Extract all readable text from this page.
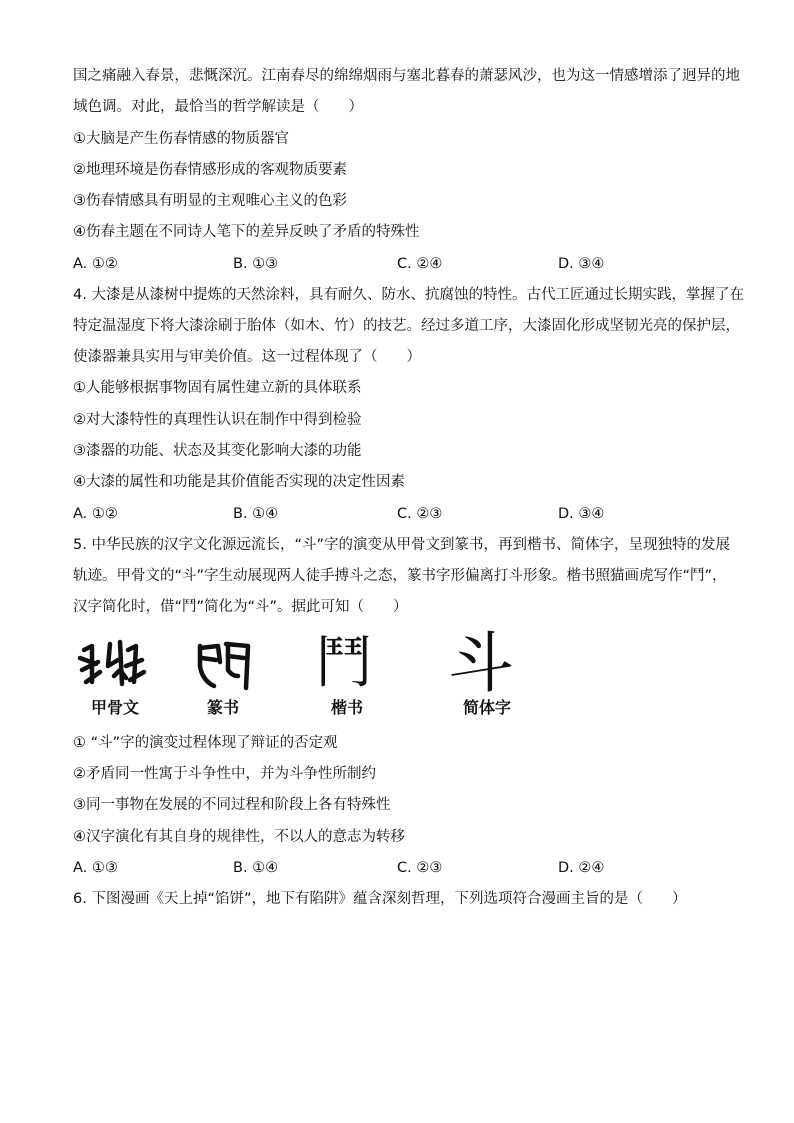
国之痛融入春景，悲慨深沉。江南春尽的绵绵烟雨与塞北暮春的萧瑟风沙，也为这一情感增添了迥异的地
域色调。对此，最恰当的哲学解读是（　　）
①大脑是产生伤春情感的物质器官
②地理环境是伤春情感形成的客观物质要素
③伤春情感具有明显的主观唯心主义的色彩
④伤春主题在不同诗人笔下的差异反映了矛盾的特殊性
A. ①②	B. ①③	C. ②④	D. ③④
4. 大漆是从漆树中提炼的天然涂料，具有耐久、防水、抗腐蚀的特性。古代工匠通过长期实践，掌握了在
特定温湿度下将大漆涂刷于胎体（如木、竹）的技艺。经过多道工序，大漆固化形成坚韧光亮的保护层，
使漆器兼具实用与审美价值。这一过程体现了（　　）
①人能够根据事物固有属性建立新的具体联系
②对大漆特性的真理性认识在制作中得到检验
③漆器的功能、状态及其变化影响大漆的功能
④大漆的属性和功能是其价值能否实现的决定性因素
A. ①②	B. ①④	C. ②③	D. ③④
5. 中华民族的汉字文化源远流长，“斗”字的演变从甲骨文到篆书，再到楷书、简体字，呈现独特的发展
轨迹。甲骨文的“斗”字生动展现两人徒手搏斗之态，篆书字形偏离打斗形象。楷书照猫画虎写作“鬥”，
汉字简化时，借“鬥”简化为“斗”。据此可知（　　）
甲骨文	篆书
鬥
楷书
斗
简体字
① “斗”字的演变过程体现了辩证的否定观
②矛盾同一性寓于斗争性中，并为斗争性所制约
③同一事物在发展的不同过程和阶段上各有特殊性
④汉字演化有其自身的规律性，不以人的意志为转移
A. ①③	B. ①④	C. ②③	D. ②④
6. 下图漫画《天上掉“馅饼”，地下有陷阱》蕴含深刻哲理，下列选项符合漫画主旨的是（　　）
